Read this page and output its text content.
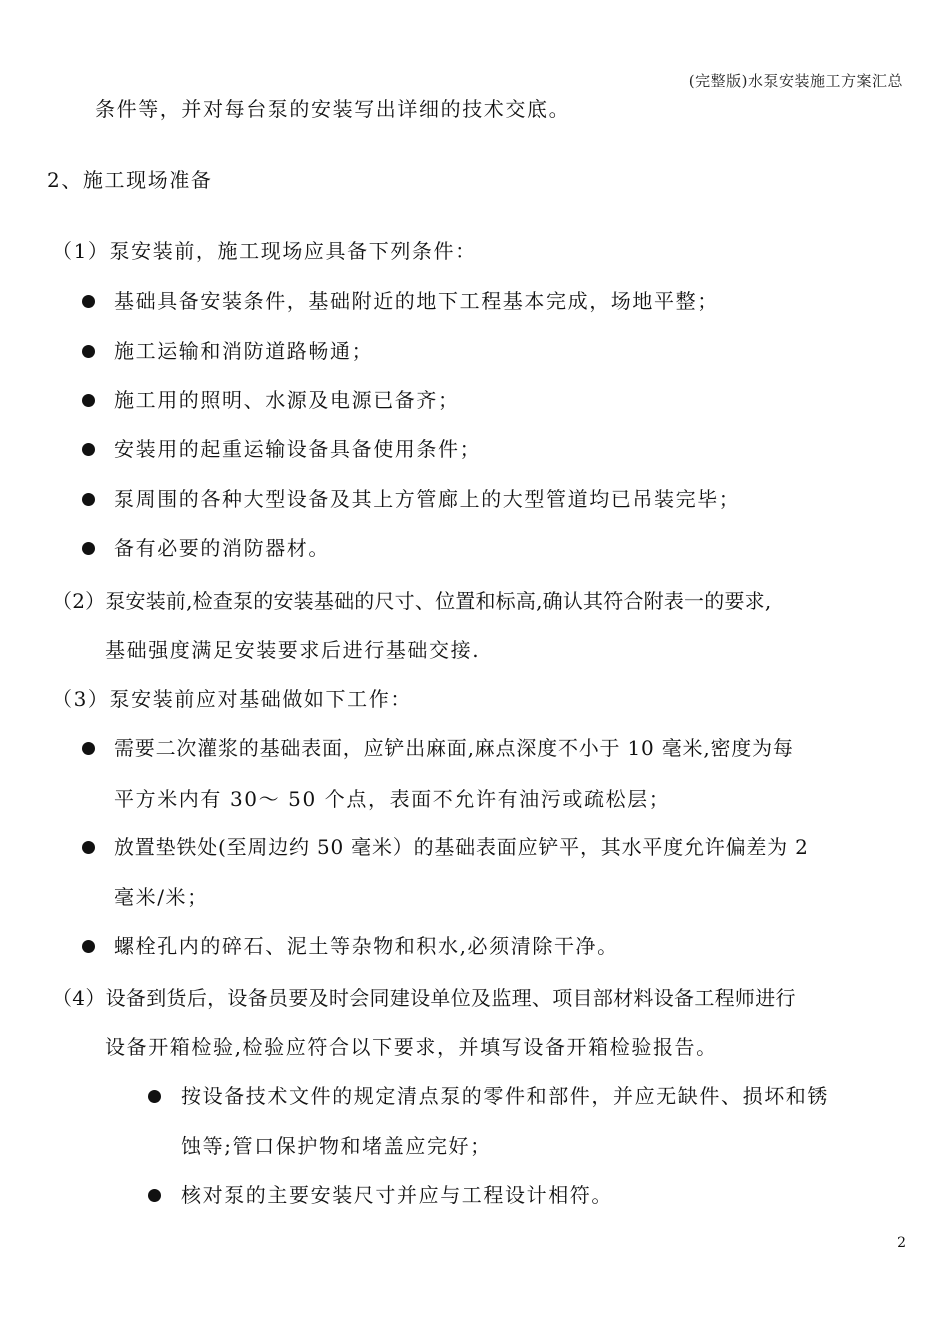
(完整版)水泵安装施工方案汇总
条件等，并对每台泵的安装写出详细的技术交底。
2、施工现场准备
（1）泵安装前，施工现场应具备下列条件：
基础具备安装条件，基础附近的地下工程基本完成，场地平整；
施工运输和消防道路畅通；
施工用的照明、水源及电源已备齐；
安装用的起重运输设备具备使用条件；
泵周围的各种大型设备及其上方管廊上的大型管道均已吊装完毕；
备有必要的消防器材。
（2）泵安装前,检查泵的安装基础的尺寸、位置和标高,确认其符合附表一的要求,
基础强度满足安装要求后进行基础交接.
（3）泵安装前应对基础做如下工作：
需要二次灌浆的基础表面，应铲出麻面,麻点深度不小于 10 毫米,密度为每
平方米内有 30～ 50 个点，表面不允许有油污或疏松层；
放置垫铁处(至周边约 50 毫米）的基础表面应铲平，其水平度允许偏差为 2
毫米/米；
螺栓孔内的碎石、泥土等杂物和积水,必须清除干净。
（4）设备到货后，设备员要及时会同建设单位及监理、项目部材料设备工程师进行
设备开箱检验,检验应符合以下要求，并填写设备开箱检验报告。
按设备技术文件的规定清点泵的零件和部件，并应无缺件、损坏和锈
蚀等;管口保护物和堵盖应完好；
核对泵的主要安装尺寸并应与工程设计相符。
2
